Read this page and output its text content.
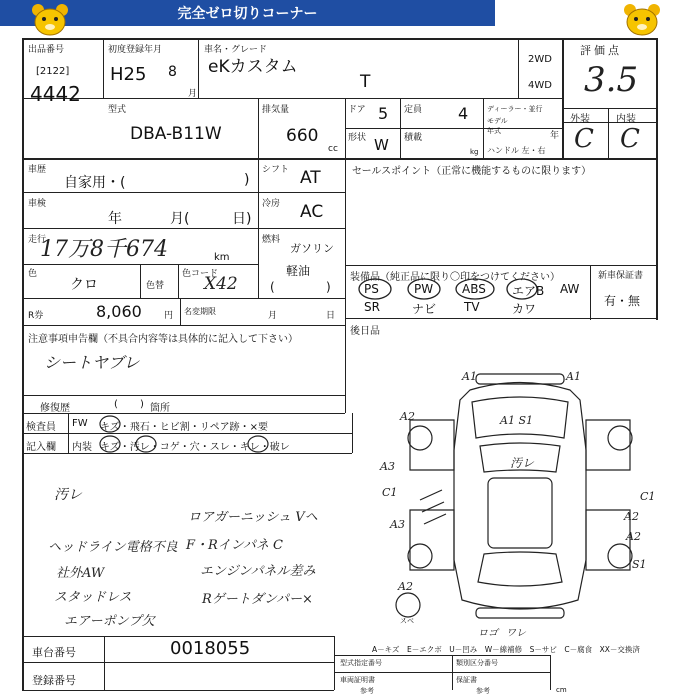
完全ゼロ切りコーナー
出品番号
[2122]
4442
初度登録年月
H25 8
月
車名・グレード
eKカスタム
T
2WD
4WD
評価点
3.5
外装	内装
C C
型式
DBA-B11W
排気量
660
cc
ドア 5 定員 4
形状 W 積載
kg
ディーラー・並行
モデル
年式	年
ハンドル 左・右
車歴
自家用・(	)
シフト AT
車検
年	月(	日)
冷房 AC
走行
17万8千674	km
燃料
ガソリン
軽油
(	)
色
クロ	色替
色コード
X42
R券	8,060 円 名変期限	月	日
セールスポイント（正常に機能するものに限ります）
装備品（純正品に限り〇印をつけてください）	新車保証書
有・無
PS	PW ABS エアB AW
SR	ナビ TV	カワ
後日品
注意事項申告欄（不具合内容等は具体的に記入して下さい）
シートヤブレ
修復歴	( ) 箇所
検査員
記入欄
FW キズ・飛石・ヒビ割・リペア跡・×要
内装 キズ・汚レ・コゲ・穴・スレ・キレ・破レ
汚レ
ロアガーニッシュ Vヘ
ヘッドライン電格不良 F・Rインパネ C
社外AW	エンジンパネル差み
スタッドレス	Rゲートダンパー×
エアーポンプ欠
A1	A1
A2	A1 S1
A3
C1
A3
C1
A2
A2
S1
A2
汚レ
スベ
ロゴ ワレ
A－キズ　E－エクボ　U－凹み　W－線補修　S－サビ　C－腐食　XX－交換済
車台番号	0018055
登録番号
型式指定番号	類別区分番号
車両証明書	保証書
参考	参考	cm
